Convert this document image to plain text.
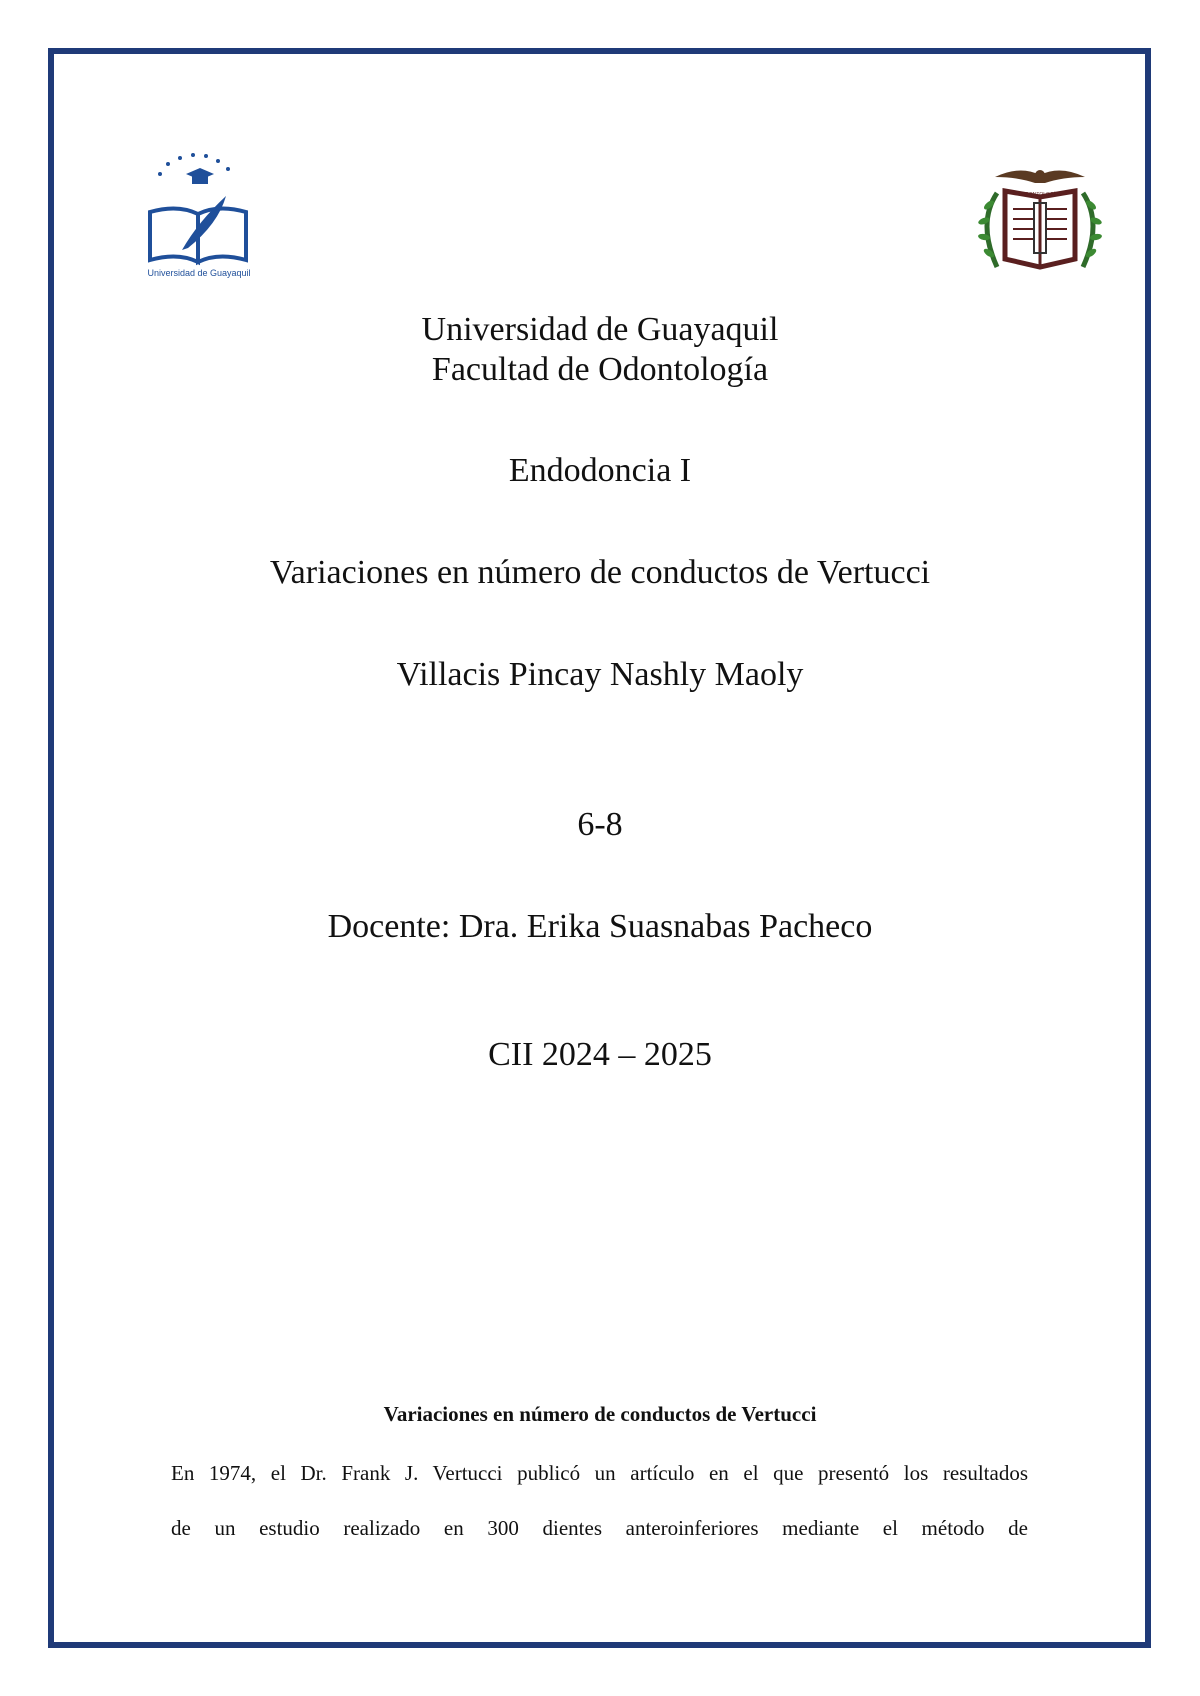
Universidad de Guayaquil
ODONTOLOGÍA
Universidad de Guayaquil
Facultad de Odontología
Endodoncia I
Variaciones en número de conductos de Vertucci
Villacis Pincay Nashly Maoly
6-8
Docente: Dra. Erika Suasnabas Pacheco
CII 2024 – 2025
Variaciones en número de conductos de Vertucci
En 1974, el Dr. Frank J. Vertucci publicó un artículo en el que presentó los resultados
de un estudio realizado en 300 dientes anteroinferiores mediante el método de
